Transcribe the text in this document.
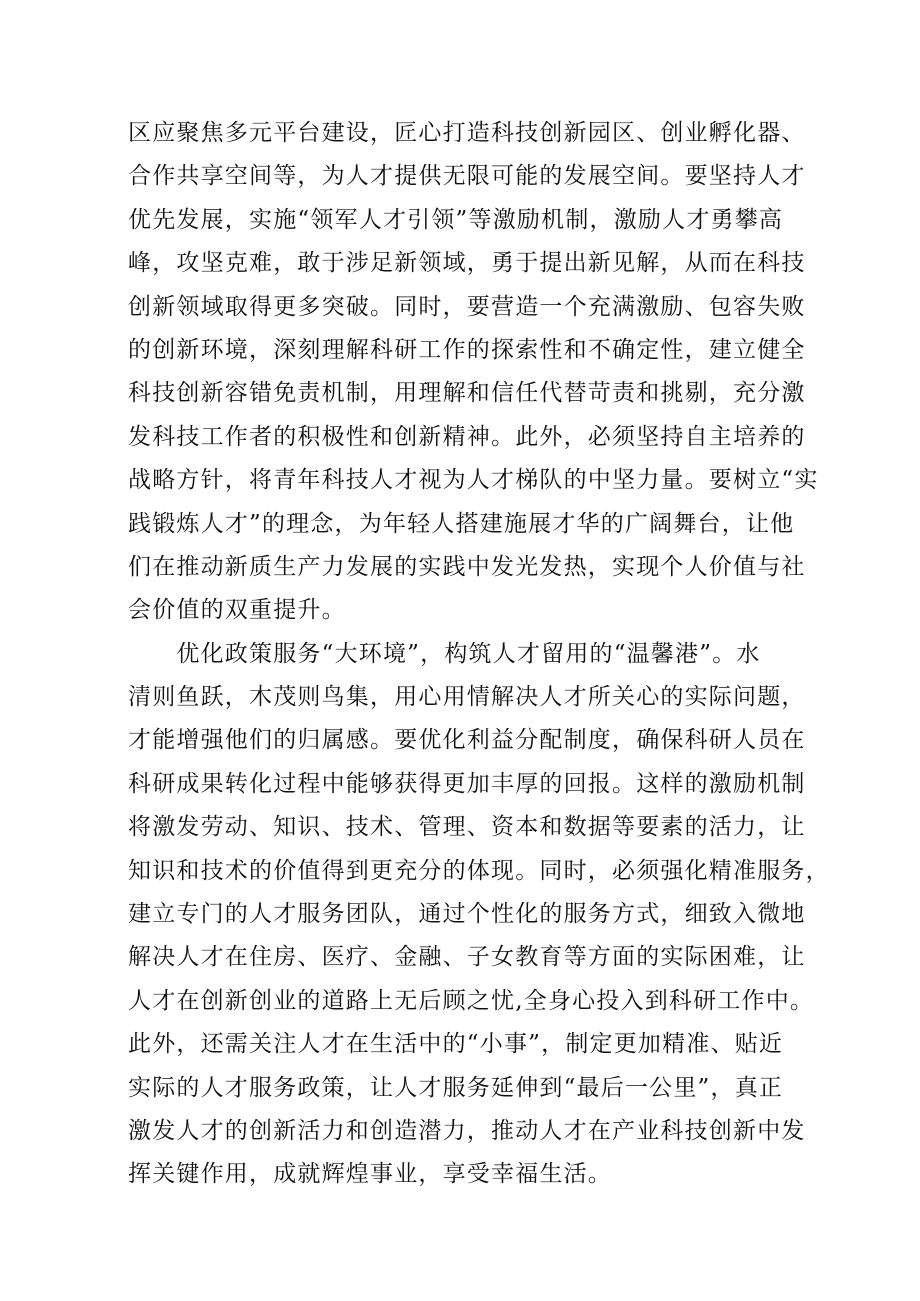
区应聚焦多元平台建设，匠心打造科技创新园区、创业孵化器、
合作共享空间等，为人才提供无限可能的发展空间。要坚持人才
优先发展，实施“领军人才引领”等激励机制，激励人才勇攀高
峰，攻坚克难，敢于涉足新领域，勇于提出新见解，从而在科技
创新领域取得更多突破。同时，要营造一个充满激励、包容失败
的创新环境，深刻理解科研工作的探索性和不确定性，建立健全
科技创新容错免责机制，用理解和信任代替苛责和挑剔，充分激
发科技工作者的积极性和创新精神。此外，必须坚持自主培养的
战略方针，将青年科技人才视为人才梯队的中坚力量。要树立“实
践锻炼人才”的理念，为年轻人搭建施展才华的广阔舞台，让他
们在推动新质生产力发展的实践中发光发热，实现个人价值与社
会价值的双重提升。
　　优化政策服务“大环境”，构筑人才留用的“温馨港”。水
清则鱼跃，木茂则鸟集，用心用情解决人才所关心的实际问题，
才能增强他们的归属感。要优化利益分配制度，确保科研人员在
科研成果转化过程中能够获得更加丰厚的回报。这样的激励机制
将激发劳动、知识、技术、管理、资本和数据等要素的活力，让
知识和技术的价值得到更充分的体现。同时，必须强化精准服务，
建立专门的人才服务团队，通过个性化的服务方式，细致入微地
解决人才在住房、医疗、金融、子女教育等方面的实际困难，让
人才在创新创业的道路上无后顾之忧,全身心投入到科研工作中。
此外，还需关注人才在生活中的“小事”，制定更加精准、贴近
实际的人才服务政策，让人才服务延伸到“最后一公里”，真正
激发人才的创新活力和创造潜力，推动人才在产业科技创新中发
挥关键作用，成就辉煌事业，享受幸福生活。
